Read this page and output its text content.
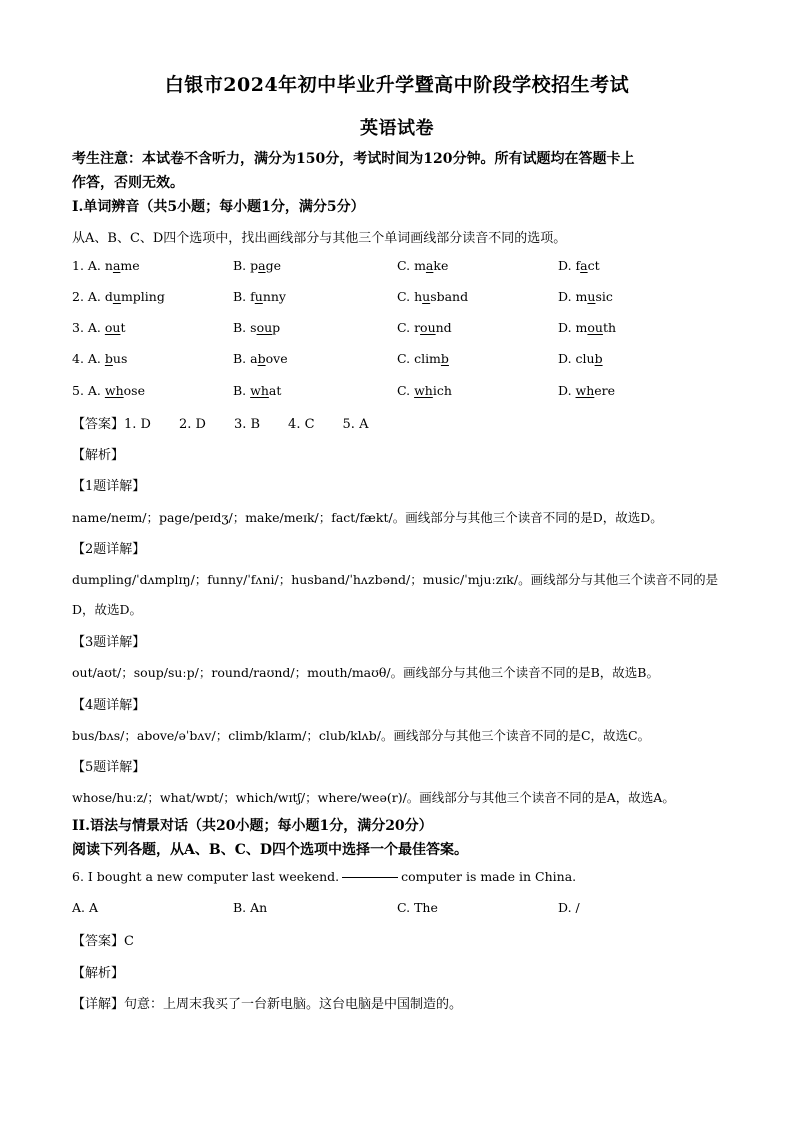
白银市2024年初中毕业升学暨高中阶段学校招生考试
英语试卷
考生注意：本试卷不含听力，满分为150分，考试时间为120分钟。所有试题均在答题卡上
作答，否则无效。
I.单词辨音（共5小题；每小题1分，满分5分）
从A、B、C、D四个选项中，找出画线部分与其他三个单词画线部分读音不同的选项。
1. A. name	B. page	C. make	D. fact
2. A. dumpling	B. funny	C. husband	D. music
3. A. out	B. soup	C. round	D. mouth
4. A. bus	B. above	C. climb	D. club
5. A. whose	B. what	C. which	D. where
【答案】1. D 2. D 3. B 4. C 5. A
【解析】
【1题详解】
name/neɪm/；page/peɪdʒ/；make/meɪk/；fact/fækt/。画线部分与其他三个读音不同的是D，故选D。
【2题详解】
dumpling/ˈdʌmplɪŋ/；funny/ˈfʌni/；husband/ˈhʌzbənd/；music/ˈmjuːzɪk/。画线部分与其他三个读音不同的是
D，故选D。
【3题详解】
out/aʊt/；soup/suːp/；round/raʊnd/；mouth/maʊθ/。画线部分与其他三个读音不同的是B，故选B。
【4题详解】
bus/bʌs/；above/əˈbʌv/；climb/klaɪm/；club/klʌb/。画线部分与其他三个读音不同的是C，故选C。
【5题详解】
whose/huːz/；what/wɒt/；which/wɪtʃ/；where/weə(r)/。画线部分与其他三个读音不同的是A，故选A。
II.语法与情景对话（共20小题；每小题1分，满分20分）
阅读下列各题，从A、B、C、D四个选项中选择一个最佳答案。
6. I bought a new computer last weekend.	computer is made in China.
A. A	B. An	C. The	D. /
【答案】C
【解析】
【详解】句意：上周末我买了一台新电脑。这台电脑是中国制造的。
